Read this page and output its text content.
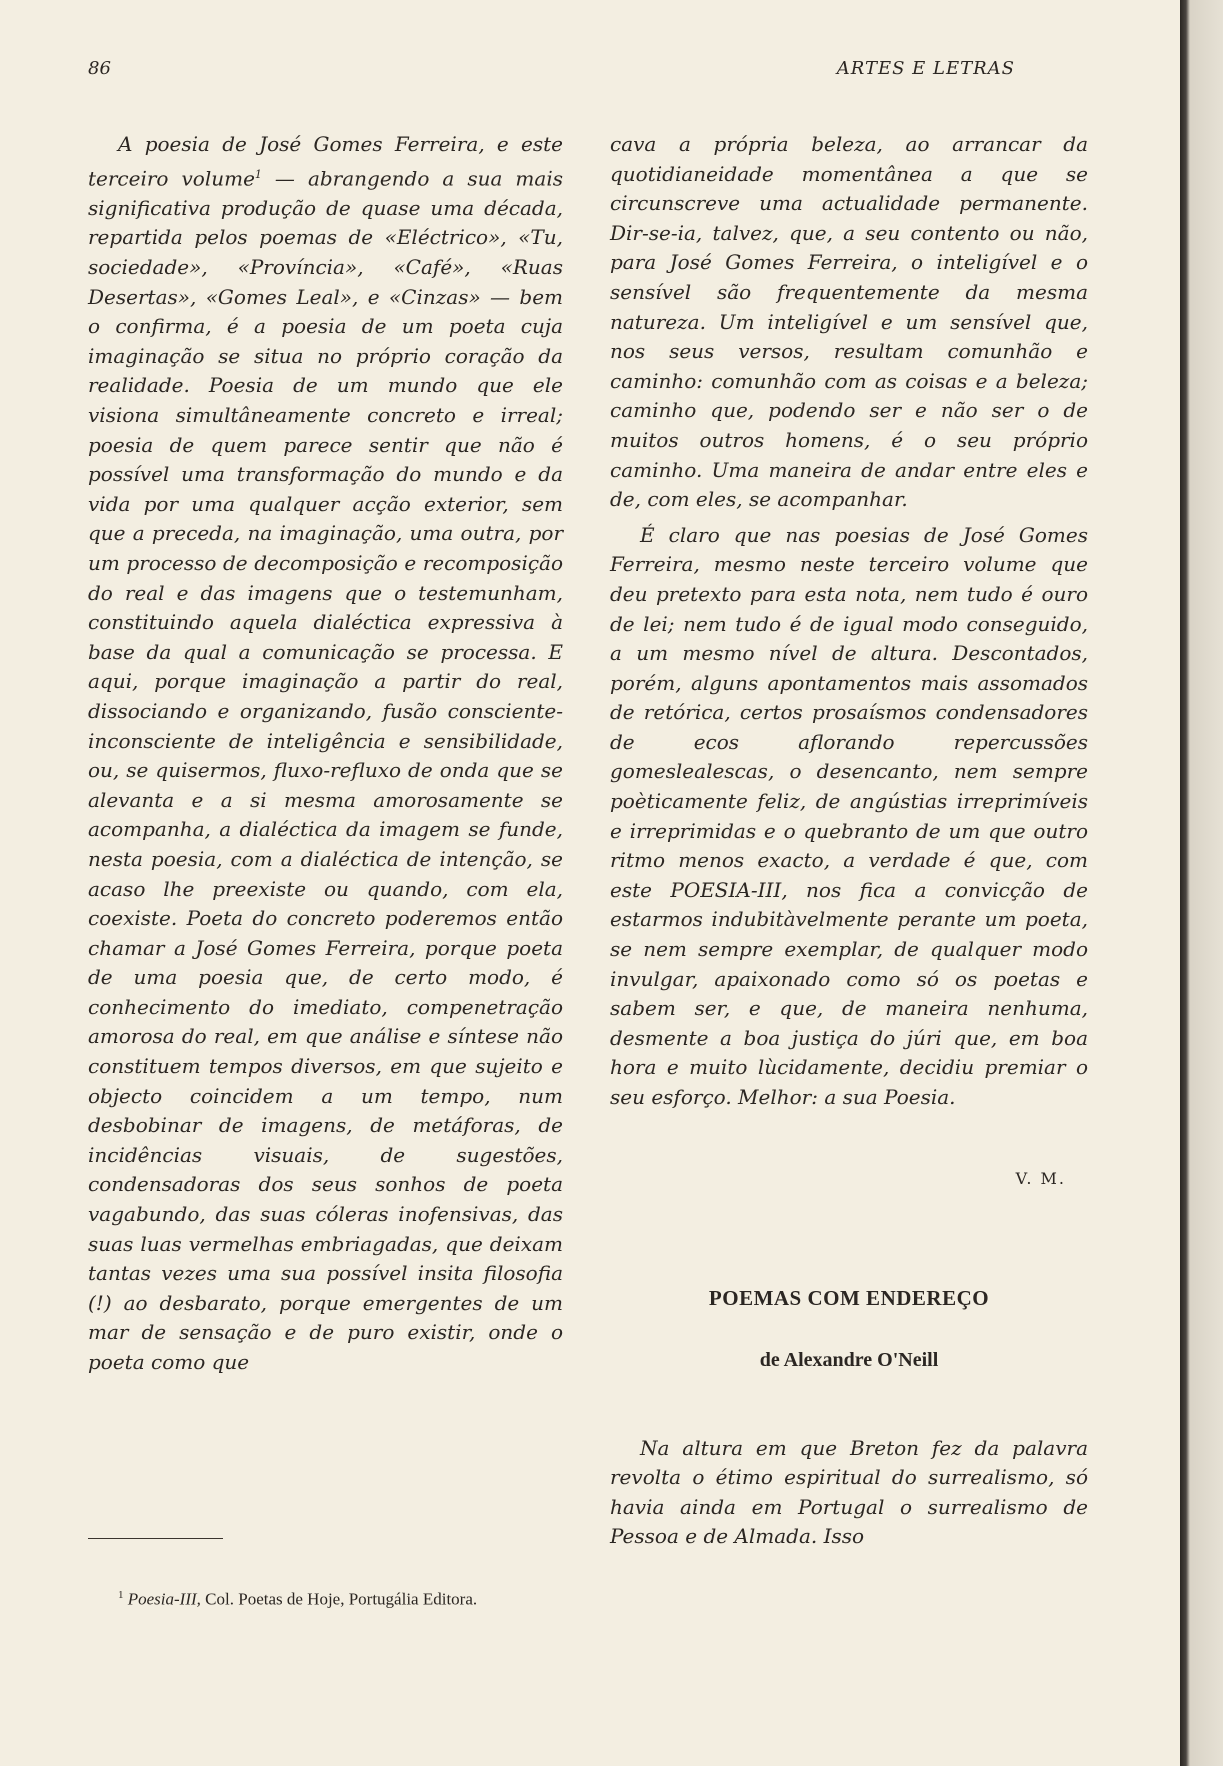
86	ARTES E LETRAS

A poesia de José Gomes Ferreira, e este terceiro volume$^1$ — abrangendo a sua mais significativa produção de quase uma década, repartida pelos poemas de «Eléctrico», «Tu, sociedade», «Província», «Café», «Ruas Desertas», «Gomes Leal», e «Cinzas» — bem o confirma, é a poesia de um poeta cuja imaginação se situa no próprio coração da realidade. Poesia de um mundo que ele visiona simultâneamente concreto e irreal; poesia de quem parece sentir que não é possível uma transformação do mundo e da vida por uma qualquer acção exterior, sem que a preceda, na imaginação, uma outra, por um processo de decomposição e recomposição do real e das imagens que o testemunham, constituindo aquela dialéctica expressiva à base da qual a comunicação se processa. E aqui, porque imaginação a partir do real, dissociando e organizando, fusão consciente-inconsciente de inteligência e sensibilidade, ou, se quisermos, fluxo-refluxo de onda que se alevanta e a si mesma amorosamente se acompanha, a dialéctica da imagem se funde, nesta poesia, com a dialéctica de intenção, se acaso lhe preexiste ou quando, com ela, coexiste. Poeta do concreto poderemos então chamar a José Gomes Ferreira, porque poeta de uma poesia que, de certo modo, é conhecimento do imediato, compenetração amorosa do real, em que análise e síntese não constituem tempos diversos, em que sujeito e objecto coincidem a um tempo, num desbobinar de imagens, de metáforas, de incidências visuais, de sugestões, condensadoras dos seus sonhos de poeta vagabundo, das suas cóleras inofensivas, das suas luas vermelhas embriagadas, que deixam tantas vezes uma sua possível insita filosofia (!) ao desbarato, porque emergentes de um mar de sensação e de puro existir, onde o poeta como que

cava a própria beleza, ao arrancar da quotidianeidade momentânea a que se circunscreve uma actualidade permanente. Dir-se-ia, talvez, que, a seu contento ou não, para José Gomes Ferreira, o inteligível e o sensível são frequentemente da mesma natureza. Um inteligível e um sensível que, nos seus versos, resultam comunhão e caminho: comunhão com as coisas e a beleza; caminho que, podendo ser e não ser o de muitos outros homens, é o seu próprio caminho. Uma maneira de andar entre eles e de, com eles, se acompanhar.

É claro que nas poesias de José Gomes Ferreira, mesmo neste terceiro volume que deu pretexto para esta nota, nem tudo é ouro de lei; nem tudo é de igual modo conseguido, a um mesmo nível de altura. Descontados, porém, alguns apontamentos mais assomados de retórica, certos prosaísmos condensadores de ecos aflorando repercussões gomeslealescas, o desencanto, nem sempre poèticamente feliz, de angústias irreprimíveis e irreprimidas e o quebranto de um que outro ritmo menos exacto, a verdade é que, com este POESIA-III, nos fica a convicção de estarmos indubitàvelmente perante um poeta, se nem sempre exemplar, de qualquer modo invulgar, apaixonado como só os poetas e sabem ser, e que, de maneira nenhuma, desmente a boa justiça do júri que, em boa hora e muito lùcidamente, decidiu premiar o seu esforço. Melhor: a sua Poesia.

V. M.
POEMAS COM ENDEREÇO
de Alexandre O'Neill

Na altura em que Breton fez da palavra revolta o étimo espiritual do surrealismo, só havia ainda em Portugal o surrealismo de Pessoa e de Almada. Isso

$^1$ Poesia-III, Col. Poetas de Hoje, Portugália Editora.
